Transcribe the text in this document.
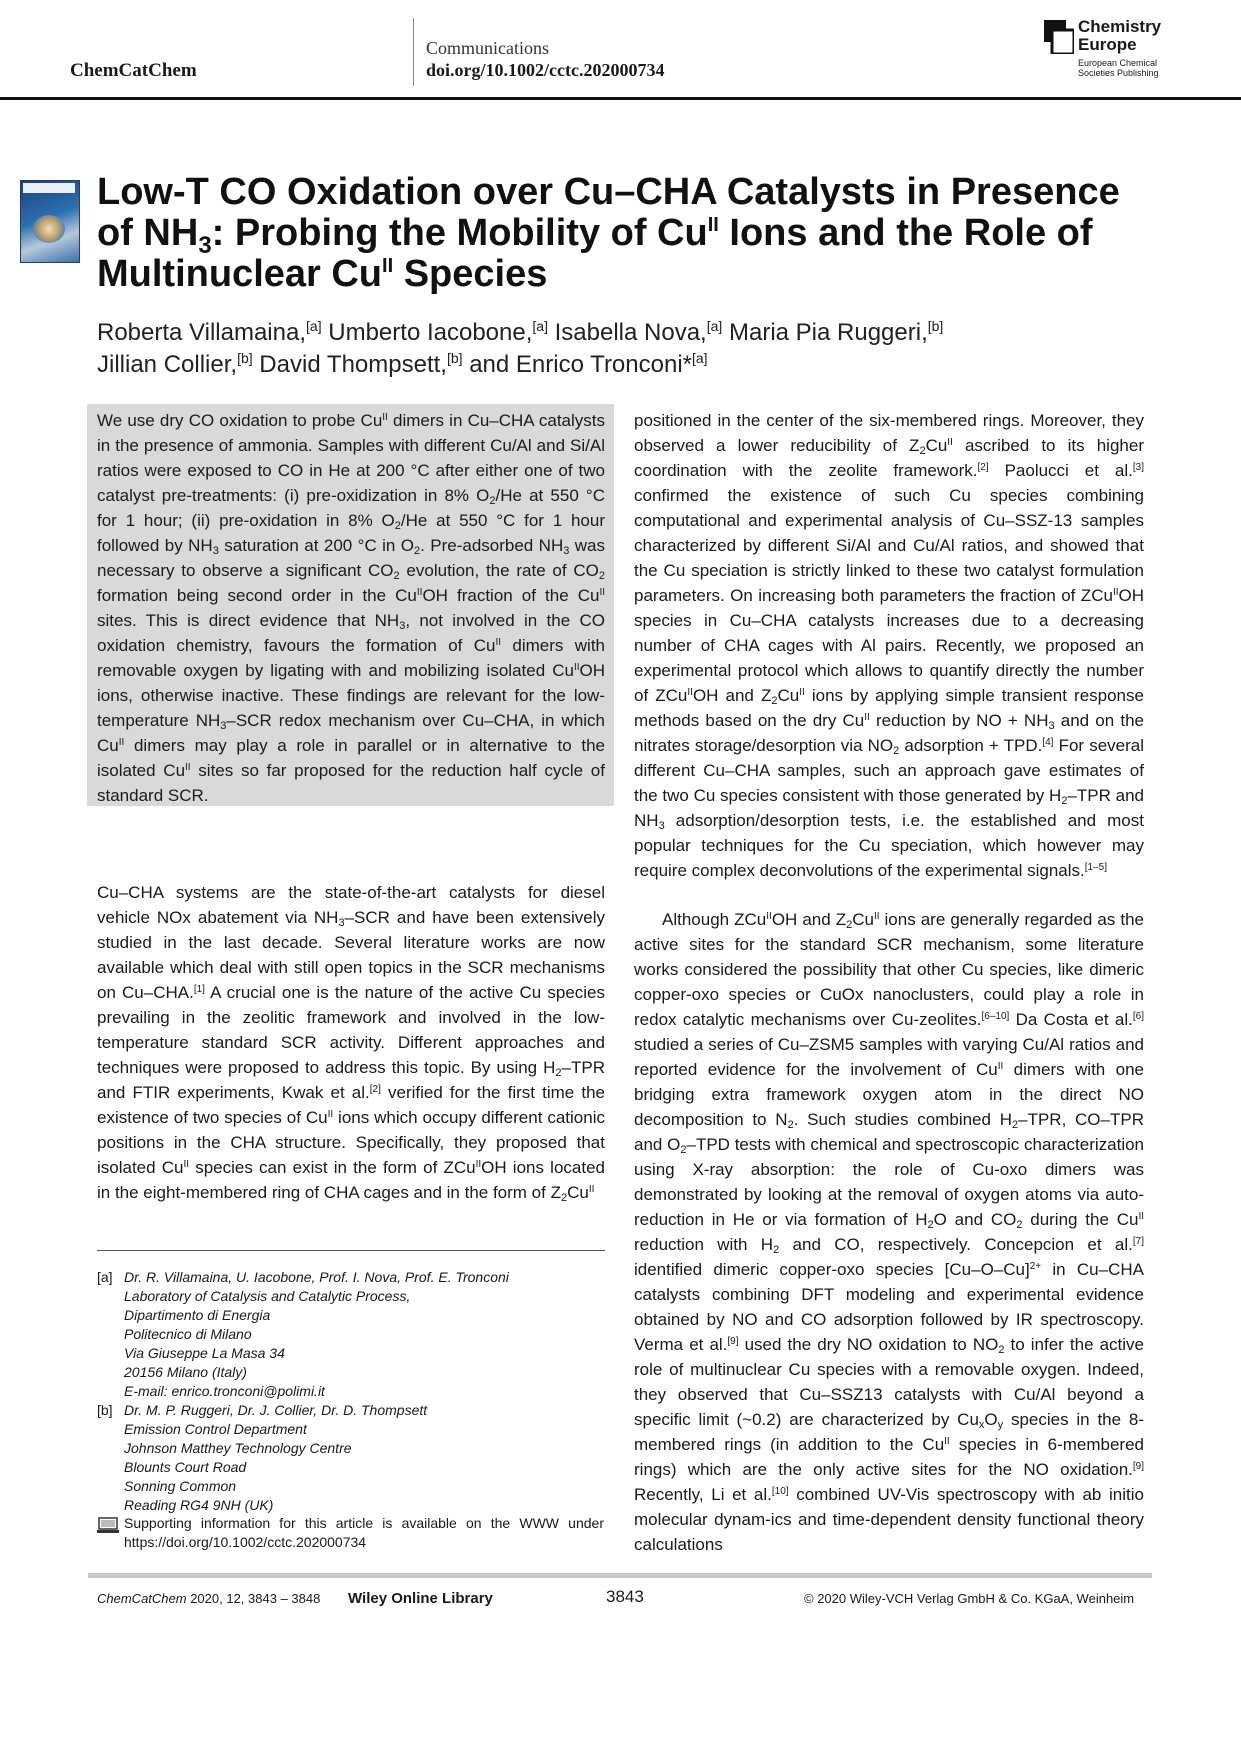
ChemCatChem
Communications
doi.org/10.1002/cctc.202000734
Chemistry
Europe
European Chemical
Societies Publishing
Low-T CO Oxidation over Cu–CHA Catalysts in Presence of $NH_3$: Probing the Mobility of $Cu^{II}$ Ions and the Role of Multinuclear $Cu^{II}$ Species
Roberta Villamaina,[a] Umberto Iacobone,[a] Isabella Nova,[a] Maria Pia Ruggeri,[b]
Jillian Collier,[b] David Thompsett,[b] and Enrico Tronconi*[a]

We use dry CO oxidation to probe $Cu^{II}$ dimers in Cu–CHA catalysts in the presence of ammonia. Samples with different Cu/Al and Si/Al ratios were exposed to CO in He at 200 °C after either one of two catalyst pre-treatments: (i) pre-oxidization in 8% $O_2/He$ at 550 °C for 1 hour; (ii) pre-oxidation in 8% $O_2/He$ at 550 °C for 1 hour followed by $NH_3$ saturation at 200 °C in $O_2$. Pre-adsorbed $NH_3$ was necessary to observe a significant $CO_2$ evolution, the rate of $CO_2$ formation being second order in the $Cu^{II}OH$ fraction of the $Cu^{II}$ sites. This is direct evidence that $NH_3$, not involved in the CO oxidation chemistry, favours the formation of $Cu^{II}$ dimers with removable oxygen by ligating with and mobilizing isolated $Cu^{II}OH$ ions, otherwise inactive. These findings are relevant for the low-temperature $NH_3$–SCR redox mechanism over Cu–CHA, in which $Cu^{II}$ dimers may play a role in parallel or in alternative to the isolated $Cu^{II}$ sites so far proposed for the reduction half cycle of standard SCR.

Cu–CHA systems are the state-of-the-art catalysts for diesel vehicle NOx abatement via $NH_3$–SCR and have been extensively studied in the last decade. Several literature works are now available which deal with still open topics in the SCR mechanisms on Cu–CHA.[1] A crucial one is the nature of the active Cu species prevailing in the zeolitic framework and involved in the low-temperature standard SCR activity. Different approaches and techniques were proposed to address this topic. By using $H_2$–TPR and FTIR experiments, Kwak et al.[2] verified for the first time the existence of two species of $Cu^{II}$ ions which occupy different cationic positions in the CHA structure. Specifically, they proposed that isolated $Cu^{II}$ species can exist in the form of ZCu$^{II}$OH ions located in the eight-membered ring of CHA cages and in the form of $Z_2Cu^{II}$

positioned in the center of the six-membered rings. Moreover, they observed a lower reducibility of $Z_2Cu^{II}$ ascribed to its higher coordination with the zeolite framework.[2] Paolucci et al.[3] confirmed the existence of such Cu species combining computational and experimental analysis of Cu–SSZ-13 samples characterized by different Si/Al and Cu/Al ratios, and showed that the Cu speciation is strictly linked to these two catalyst formulation parameters. On increasing both parameters the fraction of ZCu$^{II}$OH species in Cu–CHA catalysts increases due to a decreasing number of CHA cages with Al pairs. Recently, we proposed an experimental protocol which allows to quantify directly the number of ZCu$^{II}$OH and $Z_2Cu^{II}$ ions by applying simple transient response methods based on the dry $Cu^{II}$ reduction by NO + $NH_3$ and on the nitrates storage/desorption via $NO_2$ adsorption + TPD.[4] For several different Cu–CHA samples, such an approach gave estimates of the two Cu species consistent with those generated by $H_2$–TPR and $NH_3$ adsorption/desorption tests, i.e. the established and most popular techniques for the Cu speciation, which however may require complex deconvolutions of the experimental signals.[1–5]

Although ZCu$^{II}$OH and $Z_2Cu^{II}$ ions are generally regarded as the active sites for the standard SCR mechanism, some literature works considered the possibility that other Cu species, like dimeric copper-oxo species or CuOx nanoclusters, could play a role in redox catalytic mechanisms over Cu-zeolites.[6–10] Da Costa et al.[6] studied a series of Cu–ZSM5 samples with varying Cu/Al ratios and reported evidence for the involvement of $Cu^{II}$ dimers with one bridging extra framework oxygen atom in the direct NO decomposition to $N_2$. Such studies combined $H_2$–TPR, CO–TPR and $O_2$–TPD tests with chemical and spectroscopic characterization using X-ray absorption: the role of Cu-oxo dimers was demonstrated by looking at the removal of oxygen atoms via auto-reduction in He or via formation of $H_2O$ and $CO_2$ during the $Cu^{II}$ reduction with $H_2$ and CO, respectively. Concepcion et al.[7] identified dimeric copper-oxo species $[Cu-O-Cu]^{2+}$ in Cu–CHA catalysts combining DFT modeling and experimental evidence obtained by NO and CO adsorption followed by IR spectroscopy. Verma et al.[9] used the dry NO oxidation to $NO_2$ to infer the active role of multinuclear Cu species with a removable oxygen. Indeed, they observed that Cu–SSZ13 catalysts with Cu/Al beyond a specific limit (~0.2) are characterized by $Cu_xO_y$ species in the 8-membered rings (in addition to the $Cu^{II}$ species in 6-membered rings) which are the only active sites for the NO oxidation.[9] Recently, Li et al.[10] combined UV-Vis spectroscopy with ab initio molecular dynam-ics and time-dependent density functional theory calculations

[a] Dr. R. Villamaina, U. Iacobone, Prof. I. Nova, Prof. E. Tronconi
Laboratory of Catalysis and Catalytic Process,
Dipartimento di Energia
Politecnico di Milano
Via Giuseppe La Masa 34
20156 Milano (Italy)
E-mail: enrico.tronconi@polimi.it
[b] Dr. M. P. Ruggeri, Dr. J. Collier, Dr. D. Thompsett
Emission Control Department
Johnson Matthey Technology Centre
Blounts Court Road
Sonning Common
Reading RG4 9NH (UK)
Supporting information for this article is available on the WWW under https://doi.org/10.1002/cctc.202000734
ChemCatChem 2020, 12, 3843 – 3848 Wiley Online Library	3843	© 2020 Wiley-VCH Verlag GmbH & Co. KGaA, Weinheim
